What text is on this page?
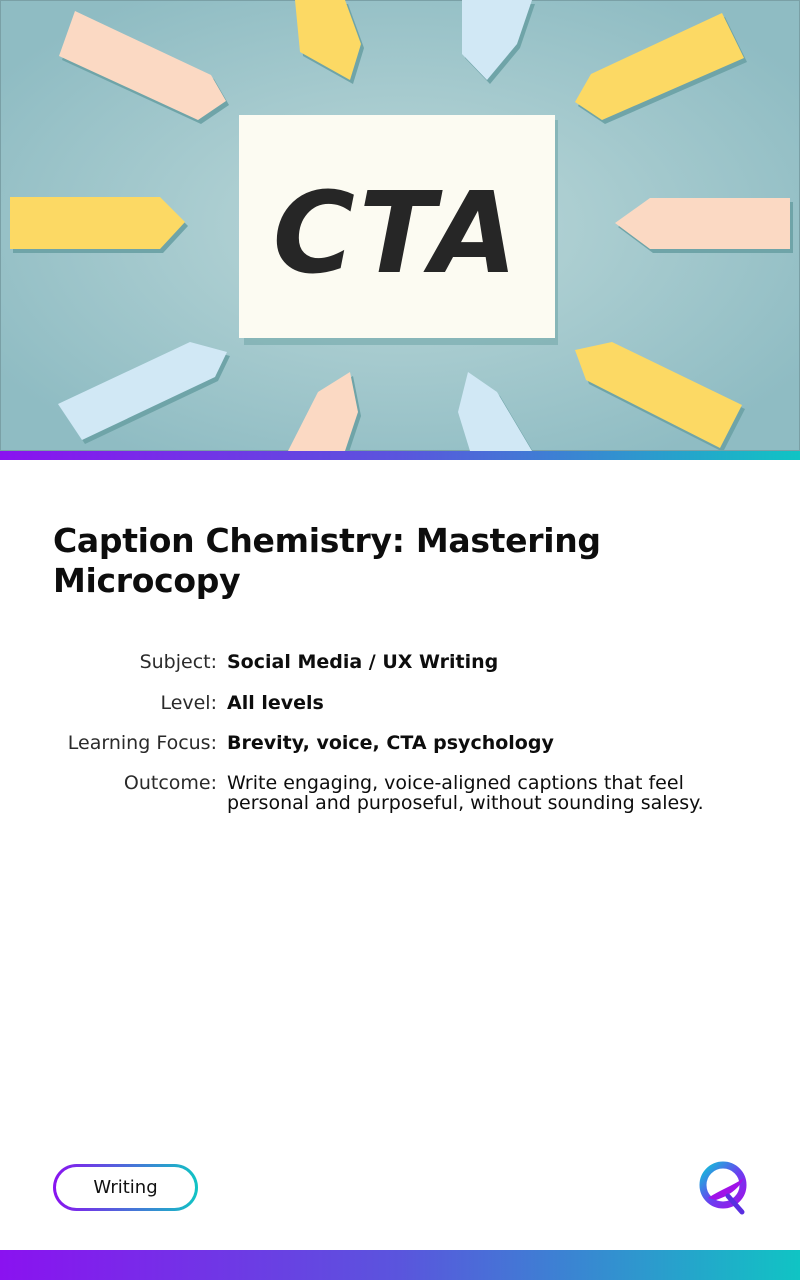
CTA
Caption Chemistry: Mastering Microcopy
Subject: Social Media / UX Writing
Level: All levels
Learning Focus: Brevity, voice, CTA psychology
Outcome: Write engaging, voice-aligned captions that feel personal and purposeful, without sounding salesy.
Writing
